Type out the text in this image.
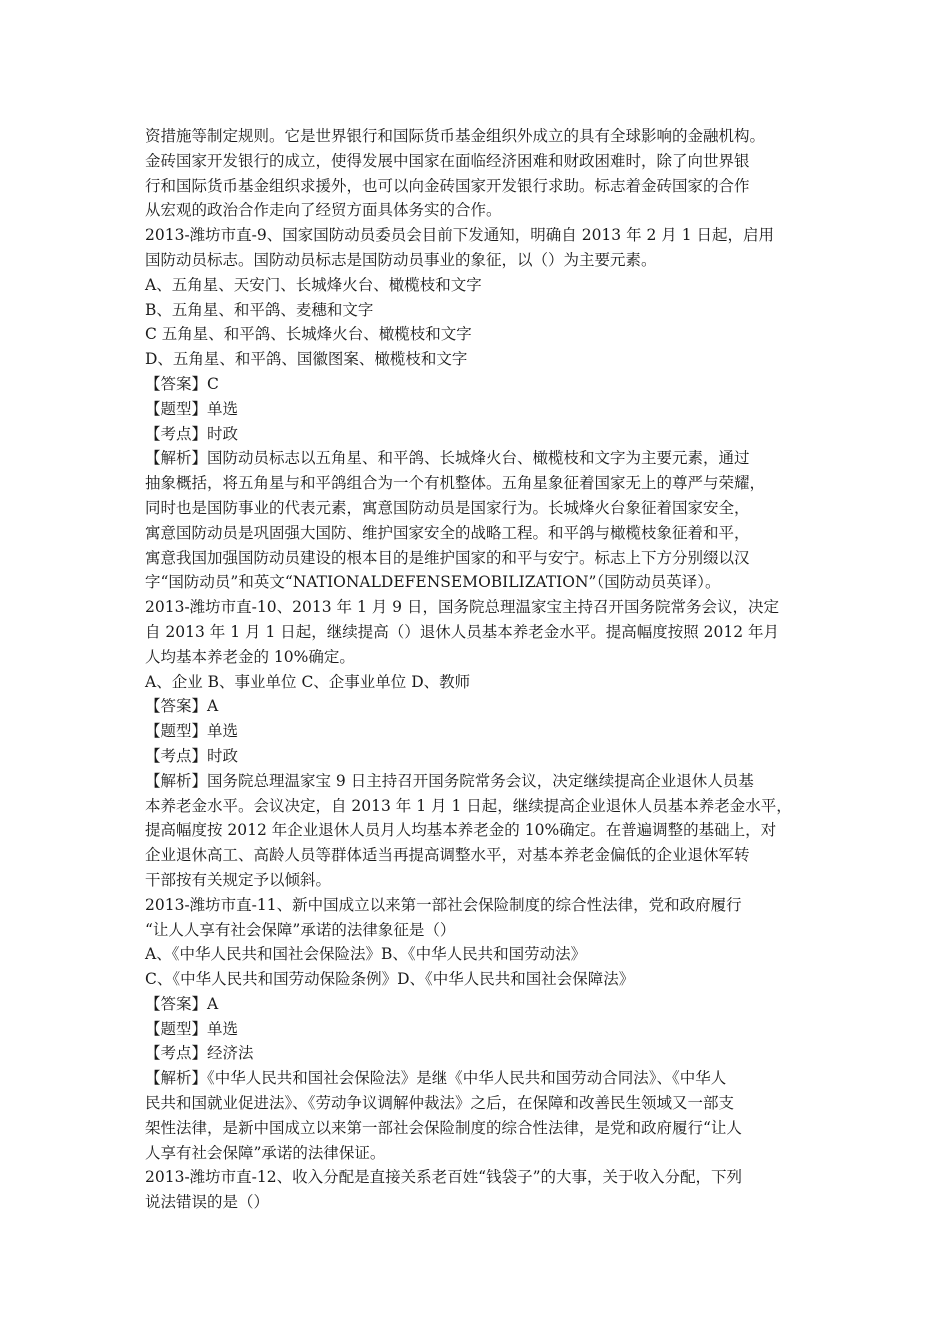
资措施等制定规则。它是世界银行和国际货币基金组织外成立的具有全球影响的金融机构。
金砖国家开发银行的成立，使得发展中国家在面临经济困难和财政困难时，除了向世界银
行和国际货币基金组织求援外，也可以向金砖国家开发银行求助。标志着金砖国家的合作
从宏观的政治合作走向了经贸方面具体务实的合作。
2013-潍坊市直-9、国家国防动员委员会目前下发通知，明确自 2013 年 2 月 1 日起，启用
国防动员标志。国防动员标志是国防动员事业的象征，以（）为主要元素。
A、五角星、天安门、长城烽火台、橄榄枝和文字
B、五角星、和平鸽、麦穗和文字
C 五角星、和平鸽、长城烽火台、橄榄枝和文字
D、五角星、和平鸽、国徽图案、橄榄枝和文字
【答案】C
【题型】单选
【考点】时政
【解析】国防动员标志以五角星、和平鸽、长城烽火台、橄榄枝和文字为主要元素，通过
抽象概括，将五角星与和平鸽组合为一个有机整体。五角星象征着国家无上的尊严与荣耀，
同时也是国防事业的代表元素，寓意国防动员是国家行为。长城烽火台象征着国家安全，
寓意国防动员是巩固强大国防、维护国家安全的战略工程。和平鸽与橄榄枝象征着和平，
寓意我国加强国防动员建设的根本目的是维护国家的和平与安宁。标志上下方分别缀以汉
字“国防动员”和英文“NATIONALDEFENSEMOBILIZATION”（国防动员英译）。
2013-潍坊市直-10、2013 年 1 月 9 日，国务院总理温家宝主持召开国务院常务会议，决定
自 2013 年 1 月 1 日起，继续提高（）退休人员基本养老金水平。提高幅度按照 2012 年月
人均基本养老金的 10%确定。
A、企业 B、事业单位 C、企事业单位 D、教师
【答案】A
【题型】单选
【考点】时政
【解析】国务院总理温家宝 9 日主持召开国务院常务会议，决定继续提高企业退休人员基
本养老金水平。会议决定，自 2013 年 1 月 1 日起，继续提高企业退休人员基本养老金水平，
提高幅度按 2012 年企业退休人员月人均基本养老金的 10%确定。在普遍调整的基础上，对
企业退休高工、高龄人员等群体适当再提高调整水平，对基本养老金偏低的企业退休军转
干部按有关规定予以倾斜。
2013-潍坊市直-11、新中国成立以来第一部社会保险制度的综合性法律，党和政府履行
“让人人享有社会保障”承诺的法律象征是（）
A、《中华人民共和国社会保险法》B、《中华人民共和国劳动法》
C、《中华人民共和国劳动保险条例》D、《中华人民共和国社会保障法》
【答案】A
【题型】单选
【考点】经济法
【解析】《中华人民共和国社会保险法》是继《中华人民共和国劳动合同法》、《中华人
民共和国就业促进法》、《劳动争议调解仲裁法》之后，在保障和改善民生领域又一部支
架性法律，是新中国成立以来第一部社会保险制度的综合性法律，是党和政府履行“让人
人享有社会保障”承诺的法律保证。
2013-潍坊市直-12、收入分配是直接关系老百姓“钱袋子”的大事，关于收入分配，下列
说法错误的是（）
